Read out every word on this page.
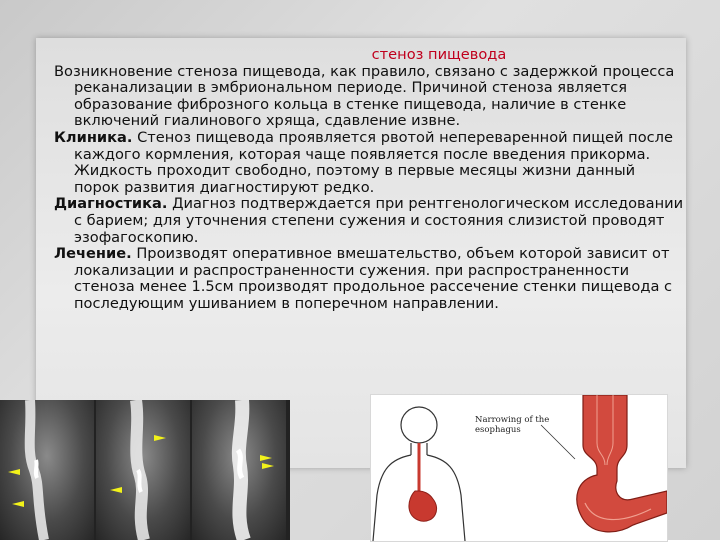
стеноз пищевода

Возникновение стеноза пищевода, как правило, связано с задержкой процесса реканализации в эмбриональном периоде. Причиной стеноза является образование фиброзного кольца в стенке пищевода, наличие в стенке включений гиалинового хряща, сдавление извне.

Клиника. Стеноз пищевода проявляется рвотой непереваренной пищей после каждого кормления, которая чаще появляется после введения прикорма. Жидкость проходит свободно, поэтому в первые месяцы жизни данный порок развития диагностируют редко.

Диагностика. Диагноз подтверждается при рентгенологическом исследовании с барием; для уточнения степени сужения и состояния слизистой проводят эзофагоскопию.

Лечение. Производят оперативное вмешательство, объем которой зависит от локализации и распространенности сужения. при распространенности стеноза менее 1.5см производят продольное рассечение стенки пищевода с последующим ушиванием в поперечном направлении.

Narrowing of the esophagus
